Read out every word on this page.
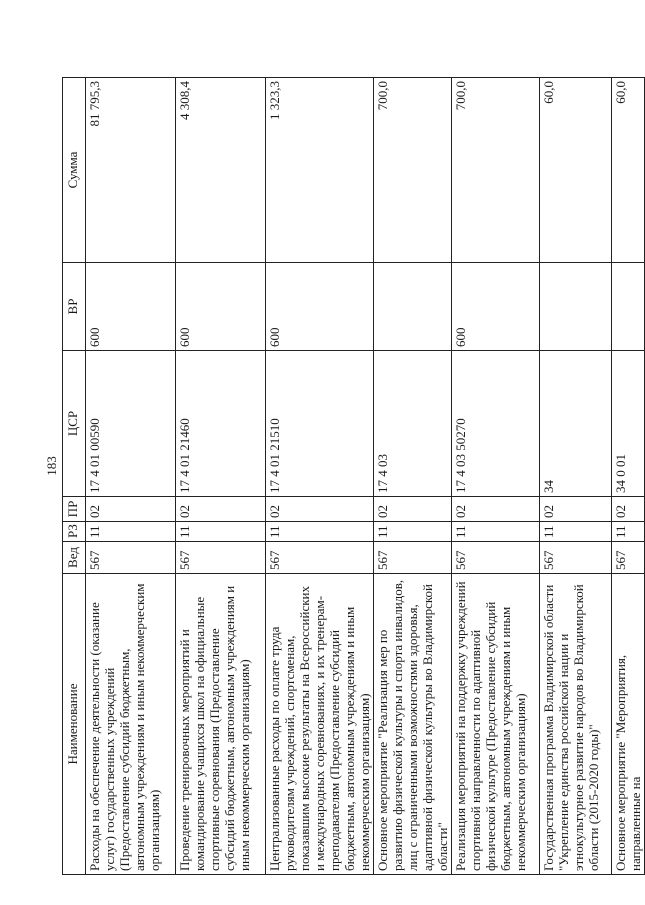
183
Наименование	Вед	РЗ	ПР	ЦСР	ВР	Сумма
Расходы на обеспечение деятельности (оказание услуг) государственных учреждений (Предоставление субсидий бюджетным, автономным учреждениям и иным некоммерческим организациям)	567	11	02	17 4 01 00590	600	81 795,3
Проведение тренировочных мероприятий и командирование учащихся школ на официальные спортивные соревнования (Предоставление субсидий бюджетным, автономным учреждениям и иным некоммерческим организациям)	567	11	02	17 4 01 21460	600	4 308,4
Централизованные расходы по оплате труда руководителям учреждений, спортсменам, показавшим высокие результаты на Всероссийских и международных соревнованиях, и их тренерам-преподавателям (Предоставление субсидий бюджетным, автономным учреждениям и иным некоммерческим организациям)	567	11	02	17 4 01 21510	600	1 323,3
Основное мероприятие "Реализация мер по развитию физической культуры и спорта инвалидов, лиц с ограниченными возможностями здоровья, адаптивной физической культуры во Владимирской области"	567	11	02	17 4 03		700,0
Реализация мероприятий на поддержку учреждений спортивной направленности по адаптивной физической культуре (Предоставление субсидий бюджетным, автономным учреждениям и иным некоммерческим организациям)	567	11	02	17 4 03 50270	600	700,0
Государственная программа Владимирской области "Укрепление единства российской нации и этнокультурное развитие народов во Владимирской области (2015-2020 годы)"	567	11	02	34		60,0
Основное мероприятие "Мероприятия, направленные на	567	11	02	34 0 01		60,0
